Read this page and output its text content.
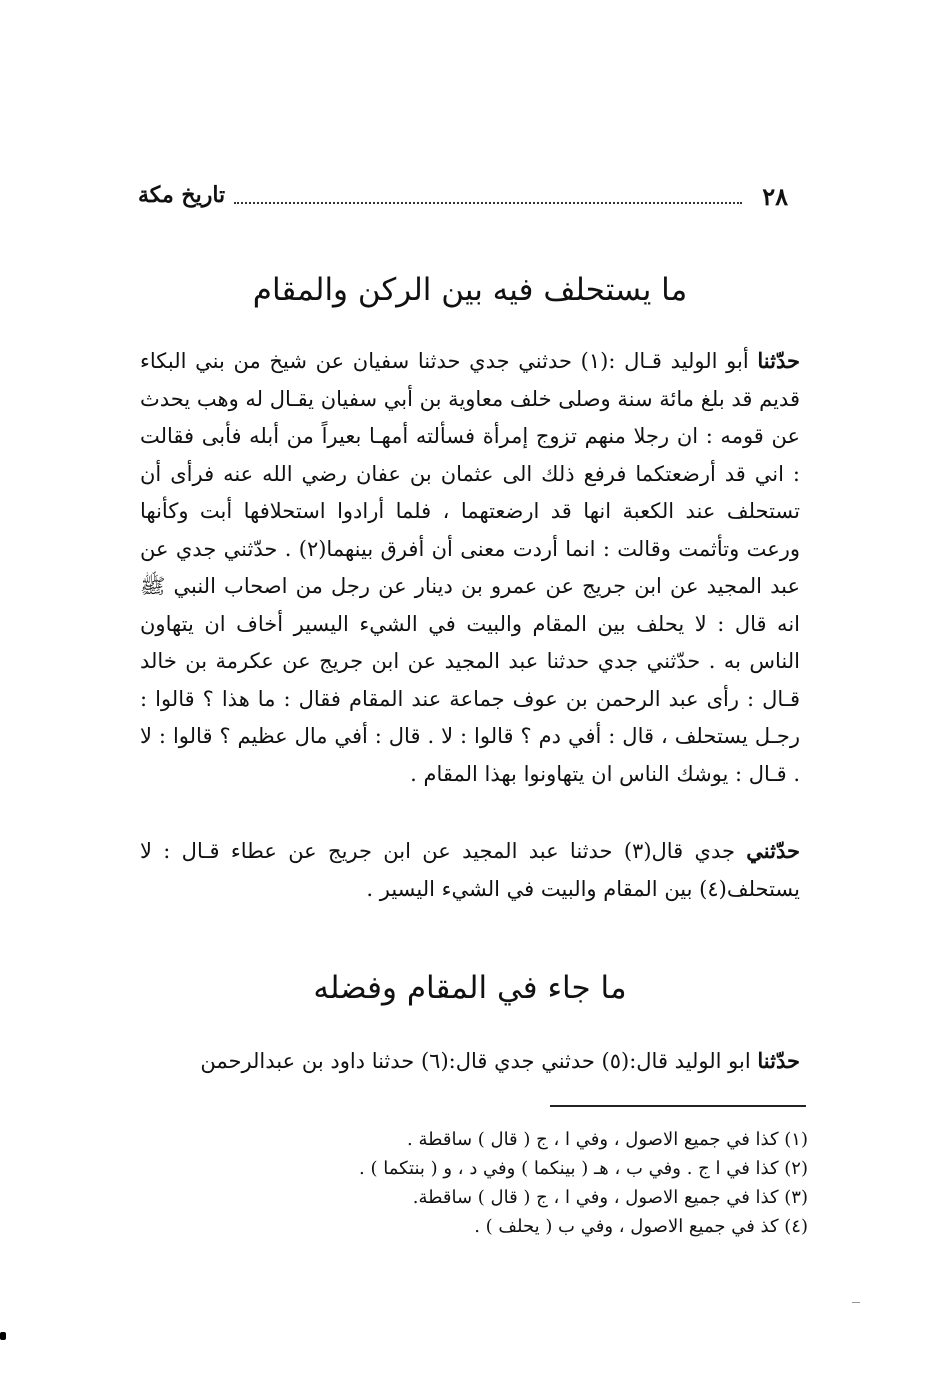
٢٨
تاريخ مكة
ما يستحلف فيه بين الركن والمقام
حدّثنا أبو الوليد قـال :(١) حدثني جدي حدثنا سفيان عن شيخ من بني البكاء قديم قد بلغ مائة سنة وصلى خلف معاوية بن أبي سفيان يقـال له وهب يحدث عن قومه : ان رجلا منهم تزوج إمرأة فسألته أمهـا بعيراً من أبله فأبى فقالت : اني قد أرضعتكما فرفع ذلك الى عثمان بن عفان رضي الله عنه فرأى أن تستحلف عند الكعبة انها قد ارضعتهما ، فلما أرادوا استحلافها أبت وكأنها ورعت وتأثمت وقالت : انما أردت معنى أن أفرق بينهما(٢) . حدّثني جدي عن عبد المجيد عن ابن جريج عن عمرو بن دينار عن رجل من اصحاب النبي ﷺ انه قال : لا يحلف بين المقام والبيت في الشيء اليسير أخاف ان يتهاون الناس به . حدّثني جدي حدثنا عبد المجيد عن ابن جريج عن عكرمة بن خالد قـال : رأى عبد الرحمن بن عوف جماعة عند المقام فقال : ما هذا ؟ قالوا : رجـل يستحلف ، قال : أفي دم ؟ قالوا : لا . قال : أفي مال عظيم ؟ قالوا : لا . قـال : يوشك الناس ان يتهاونوا بهذا المقام .
حدّثني جدي قال(٣) حدثنا عبد المجيد عن ابن جريج عن عطاء قـال : لا يستحلف(٤) بين المقام والبيت في الشيء اليسير .
ما جاء في المقام وفضله
حدّثنا ابو الوليد قال:(٥) حدثني جدي قال:(٦) حدثنا داود بن عبدالرحمن
(١) كذا في جميع الاصول ، وفي ا ، ج ( قال ) ساقطة .
(٢) كذا في ا ج . وفي ب ، هـ ( بينكما ) وفي د ، و ( بنتكما ) .
(٣) كذا في جميع الاصول ، وفي ا ، ج ( قال ) ساقطة.
(٤) كذ في جميع الاصول ، وفي ب ( يحلف ) .
